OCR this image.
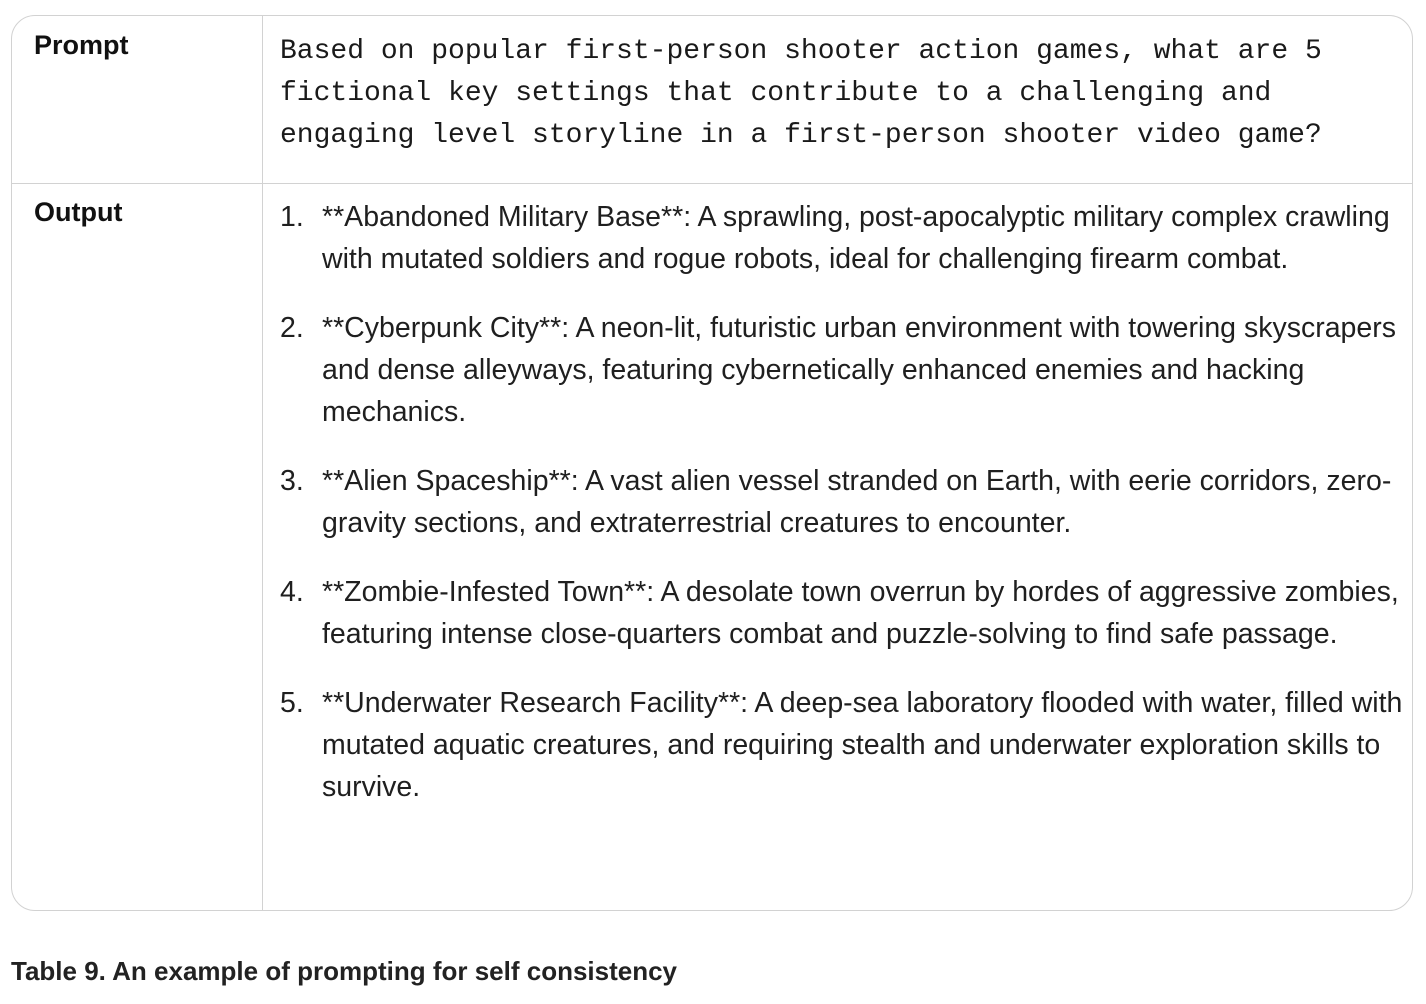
Prompt
Output

Based on popular first-person shooter action games, what are 5 fictional key settings that contribute to a challenging and engaging level storyline in a first-person shooter video game?

1. **Abandoned Military Base**: A sprawling, post-apocalyptic military complex crawling with mutated soldiers and rogue robots, ideal for challenging firearm combat.
2. **Cyberpunk City**: A neon-lit, futuristic urban environment with towering skyscrapers and dense alleyways, featuring cybernetically enhanced enemies and hacking mechanics.
3. **Alien Spaceship**: A vast alien vessel stranded on Earth, with eerie corridors, zero-gravity sections, and extraterrestrial creatures to encounter.
4. **Zombie-Infested Town**: A desolate town overrun by hordes of aggressive zombies, featuring intense close-quarters combat and puzzle-solving to find safe passage.
5. **Underwater Research Facility**: A deep-sea laboratory flooded with water, filled with mutated aquatic creatures, and requiring stealth and underwater exploration skills to survive.
Table 9. An example of prompting for self consistency
